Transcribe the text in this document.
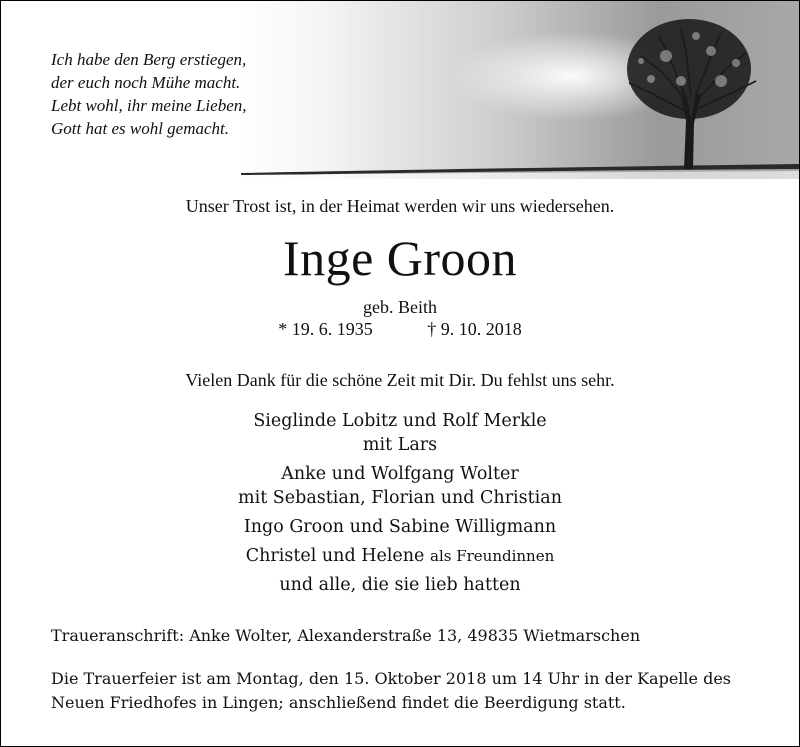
Ich habe den Berg erstiegen,
der euch noch Mühe macht.
Lebt wohl, ihr meine Lieben,
Gott hat es wohl gemacht.
Unser Trost ist, in der Heimat werden wir uns wiedersehen.
Inge Groon
geb. Beith
* 19. 6. 1935	† 9. 10. 2018
Vielen Dank für die schöne Zeit mit Dir. Du fehlst uns sehr.
Sieglinde Lobitz und Rolf Merkle
mit Lars
Anke und Wolfgang Wolter
mit Sebastian, Florian und Christian
Ingo Groon und Sabine Willigmann
Christel und Helene als Freundinnen
und alle, die sie lieb hatten
Traueranschrift: Anke Wolter, Alexanderstraße 13, 49835 Wietmarschen
Die Trauerfeier ist am Montag, den 15. Oktober 2018 um 14 Uhr in der Kapelle des
Neuen Friedhofes in Lingen; anschließend findet die Beerdigung statt.
